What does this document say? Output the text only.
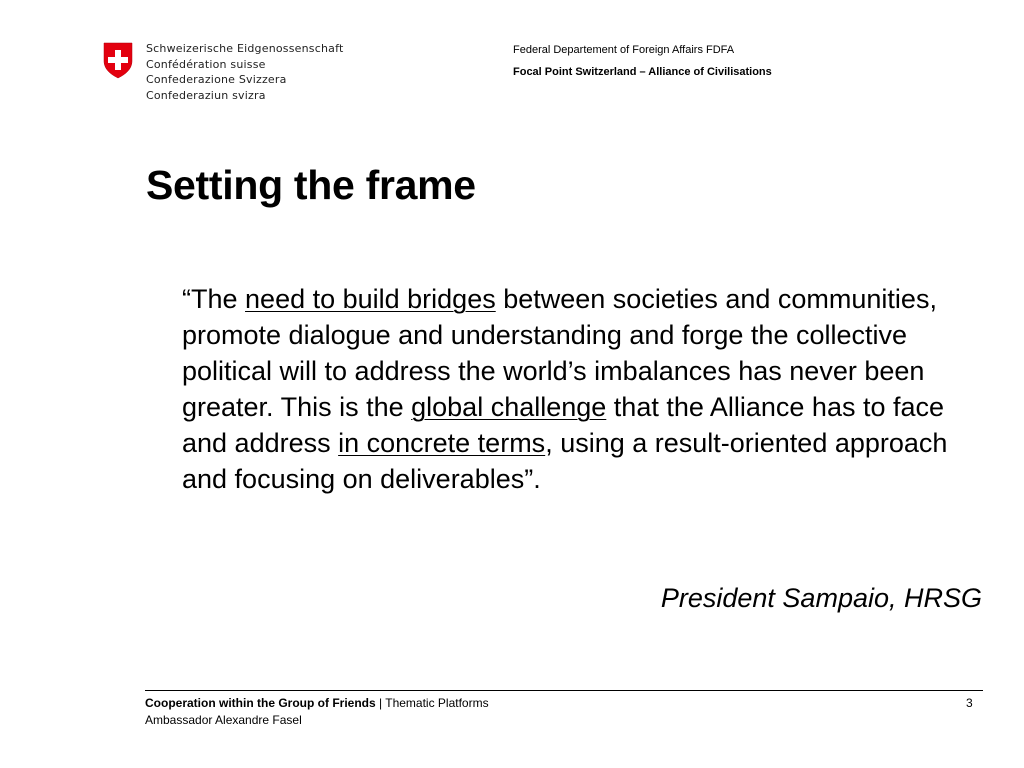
Schweizerische Eidgenossenschaft
Confédération suisse
Confederazione Svizzera
Confederaziun svizra
Federal Departement of Foreign Affairs FDFA
Focal Point Switzerland – Alliance of Civilisations
Setting the frame

“The need to build bridges between societies and communities, promote dialogue and understanding and forge the collective political will to address the world’s imbalances has never been greater. This is the global challenge that the Alliance has to face and address in concrete terms, using a result-oriented approach and focusing on deliverables”.

President Sampaio, HRSG
Cooperation within the Group of Friends | Thematic Platforms
Ambassador Alexandre Fasel
3
